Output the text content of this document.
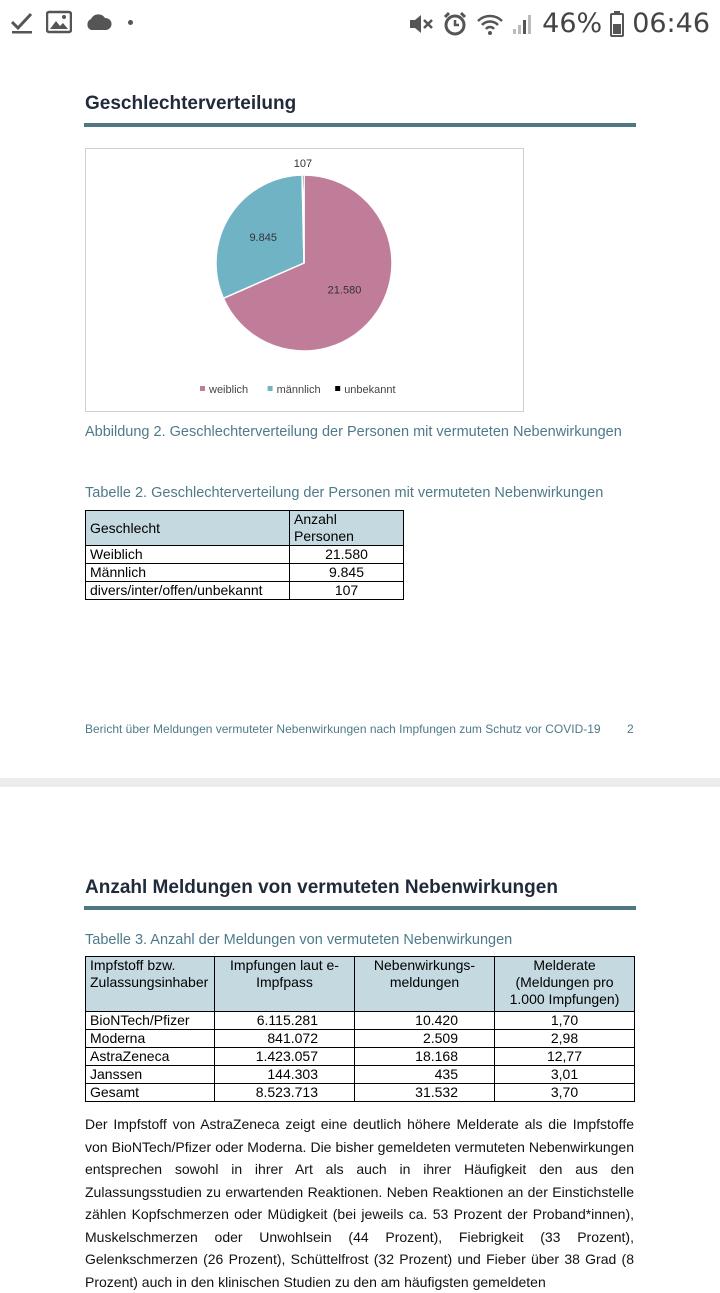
46% 06:46
Geschlechterverteilung
21.580
9.845
107
weiblich	männlich unbekannt
Abbildung 2. Geschlechterverteilung der Personen mit vermuteten Nebenwirkungen
Tabelle 2. Geschlechterverteilung der Personen mit vermuteten Nebenwirkungen
Geschlecht	Anzahl Personen
Weiblich	21.580
Männlich	9.845
divers/inter/offen/unbekannt	107
Bericht über Meldungen vermuteter Nebenwirkungen nach Impfungen zum Schutz vor COVID-19 2
Anzahl Meldungen von vermuteten Nebenwirkungen
Tabelle 3. Anzahl der Meldungen von vermuteten Nebenwirkungen
Impfstoff bzw. Zulassungsinhaber	Impfungen laut e-Impfpass	Nebenwirkungs-meldungen	Melderate (Meldungen pro 1.000 Impfungen)
BioNTech/Pfizer	6.115.281	10.420	1,70
Moderna	841.072	2.509	2,98
AstraZeneca	1.423.057	18.168	12,77
Janssen	144.303	435	3,01
Gesamt	8.523.713	31.532	3,70
Der Impfstoff von AstraZeneca zeigt eine deutlich höhere Melderate als die Impfstoffe von BioNTech/Pfizer oder Moderna. Die bisher gemeldeten vermuteten Nebenwirkungen entsprechen sowohl in ihrer Art als auch in ihrer Häufigkeit den aus den Zulassungsstudien zu erwartenden Reaktionen. Neben Reaktionen an der Einstichstelle zählen Kopfschmerzen oder Müdigkeit (bei jeweils ca. 53 Prozent der Proband*innen), Muskelschmerzen oder Unwohlsein (44 Prozent), Fiebrigkeit (33 Prozent), Gelenkschmerzen (26 Prozent), Schüttelfrost (32 Prozent) und Fieber über 38 Grad (8 Prozent) auch in den klinischen Studien zu den am häufigsten gemeldeten
